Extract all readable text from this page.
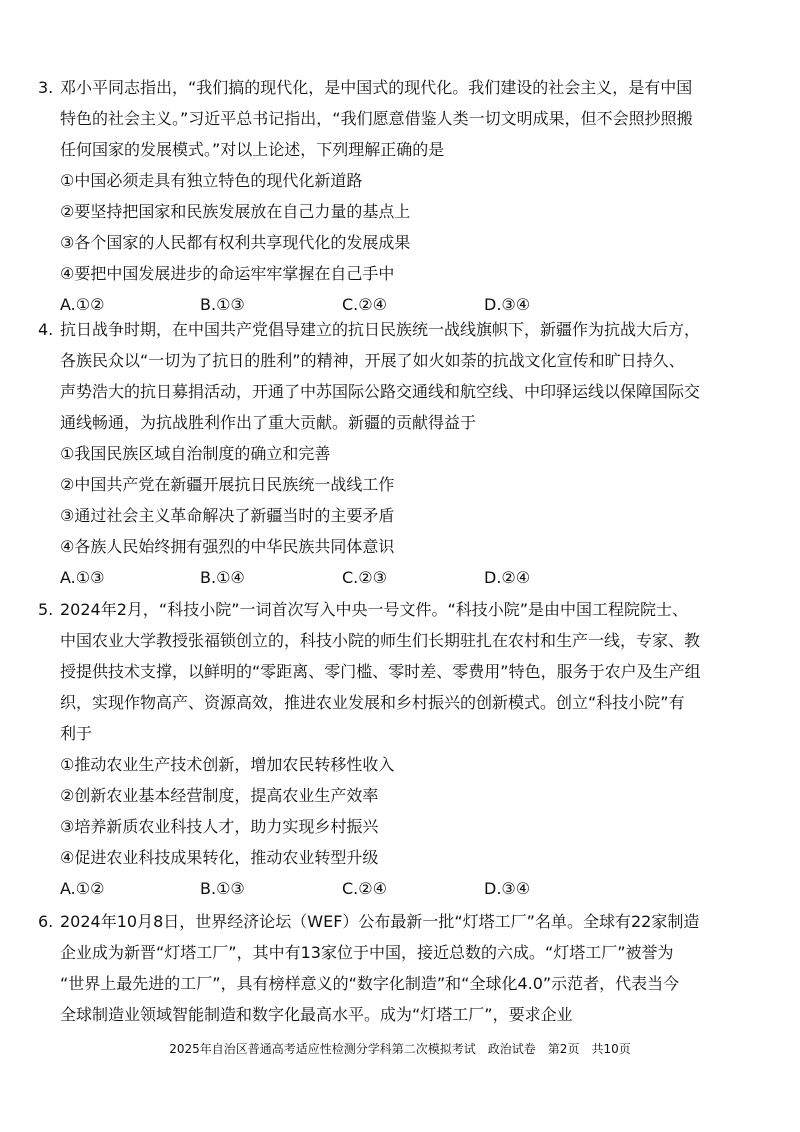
3. 邓小平同志指出，“我们搞的现代化，是中国式的现代化。我们建设的社会主义，是有中国
特色的社会主义。”习近平总书记指出，“我们愿意借鉴人类一切文明成果，但不会照抄照搬
任何国家的发展模式。”对以上论述，下列理解正确的是
①中国必须走具有独立特色的现代化新道路
②要坚持把国家和民族发展放在自己力量的基点上
③各个国家的人民都有权利共享现代化的发展成果
④要把中国发展进步的命运牢牢掌握在自己手中
A.①②	B.①③	C.②④	D.③④
4. 抗日战争时期，在中国共产党倡导建立的抗日民族统一战线旗帜下，新疆作为抗战大后方，
各族民众以“一切为了抗日的胜利”的精神，开展了如火如荼的抗战文化宣传和旷日持久、
声势浩大的抗日募捐活动，开通了中苏国际公路交通线和航空线、中印驿运线以保障国际交
通线畅通，为抗战胜利作出了重大贡献。新疆的贡献得益于
①我国民族区域自治制度的确立和完善
②中国共产党在新疆开展抗日民族统一战线工作
③通过社会主义革命解决了新疆当时的主要矛盾
④各族人民始终拥有强烈的中华民族共同体意识
A.①③	B.①④	C.②③	D.②④
5. 2024年2月，“科技小院”一词首次写入中央一号文件。“科技小院”是由中国工程院院士、
中国农业大学教授张福锁创立的，科技小院的师生们长期驻扎在农村和生产一线，专家、教
授提供技术支撑，以鲜明的“零距离、零门槛、零时差、零费用”特色，服务于农户及生产组
织，实现作物高产、资源高效，推进农业发展和乡村振兴的创新模式。创立“科技小院”有
利于
①推动农业生产技术创新，增加农民转移性收入
②创新农业基本经营制度，提高农业生产效率
③培养新质农业科技人才，助力实现乡村振兴
④促进农业科技成果转化，推动农业转型升级
A.①②	B.①③	C.②④	D.③④
6. 2024年10月8日，世界经济论坛（WEF）公布最新一批“灯塔工厂”名单。全球有22家制造
企业成为新晋“灯塔工厂”，其中有13家位于中国，接近总数的六成。“灯塔工厂”被誉为
“世界上最先进的工厂”，具有榜样意义的“数字化制造”和“全球化4.0”示范者，代表当今
全球制造业领域智能制造和数字化最高水平。成为“灯塔工厂”，要求企业
2025年自治区普通高考适应性检测分学科第二次模拟考试　政治试卷　第2页　共10页
